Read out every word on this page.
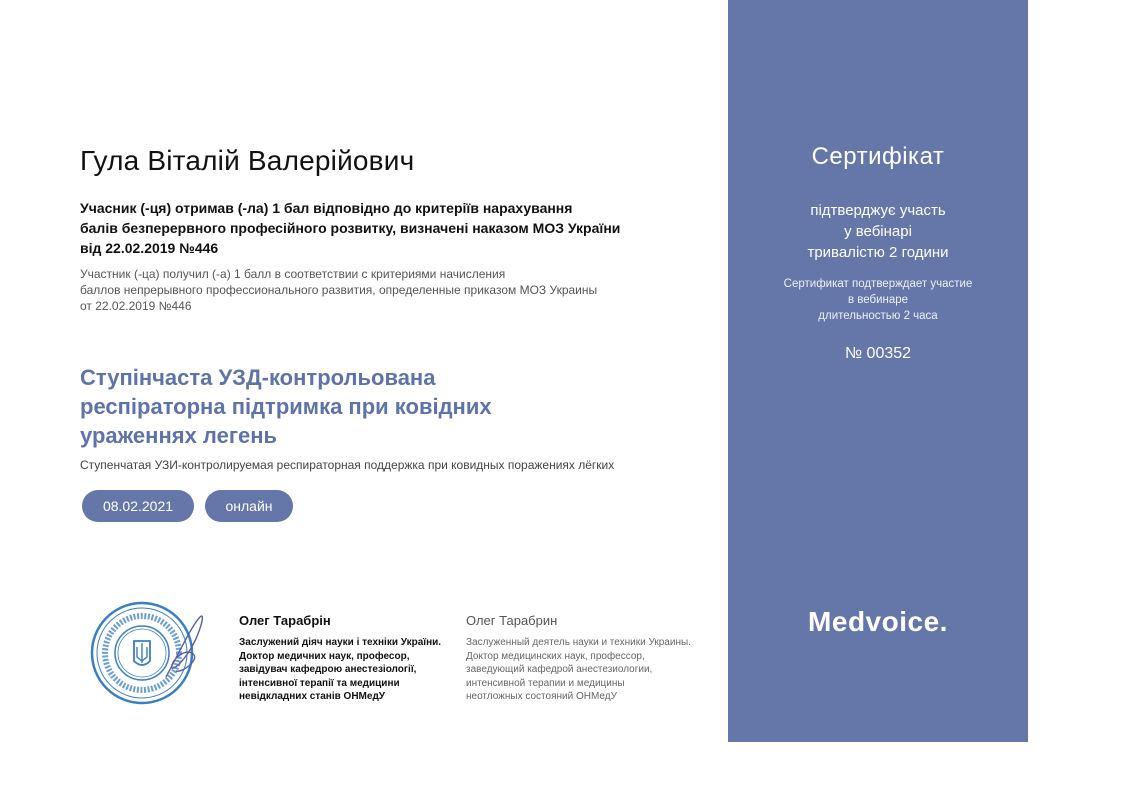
Гула Віталій Валерійович
Учасник (-ця) отримав (-ла) 1 бал відповідно до критеріїв нарахування
балів безперервного професійного розвитку, визначені наказом МОЗ України
від 22.02.2019 №446
Участник (-ца) получил (-а) 1 балл в соответствии с критериями начисления
баллов непрерывного профессионального развития, определенные приказом МОЗ Украины
от 22.02.2019 №446
Ступінчаста УЗД-контрольована
респіраторна підтримка при ковідних
ураженнях легень
Ступенчатая УЗИ-контролируемая респираторная поддержка при ковидных поражениях лёгких
08.02.2021	онлайн
Олег Тарабрін
Заслужений діяч науки і техніки України.
Доктор медичних наук, професор,
завідувач кафедрою анестезіології,
інтенсивної терапії та медицини
невідкладних станів ОНМедУ
Олег Тарабрин
Заслуженный деятель науки и техники Украины.
Доктор медицинских наук, профессор,
заведующий кафедрой анестезиологии,
интенсивной терапии и медицины
неотложных состояний ОНМедУ
Сертифікат
підтверджує участь
у вебінарі
тривалістю 2 години
Сертификат подтверждает участие
в вебинаре
длительностью 2 часа
№ 00352
Medvoice.
